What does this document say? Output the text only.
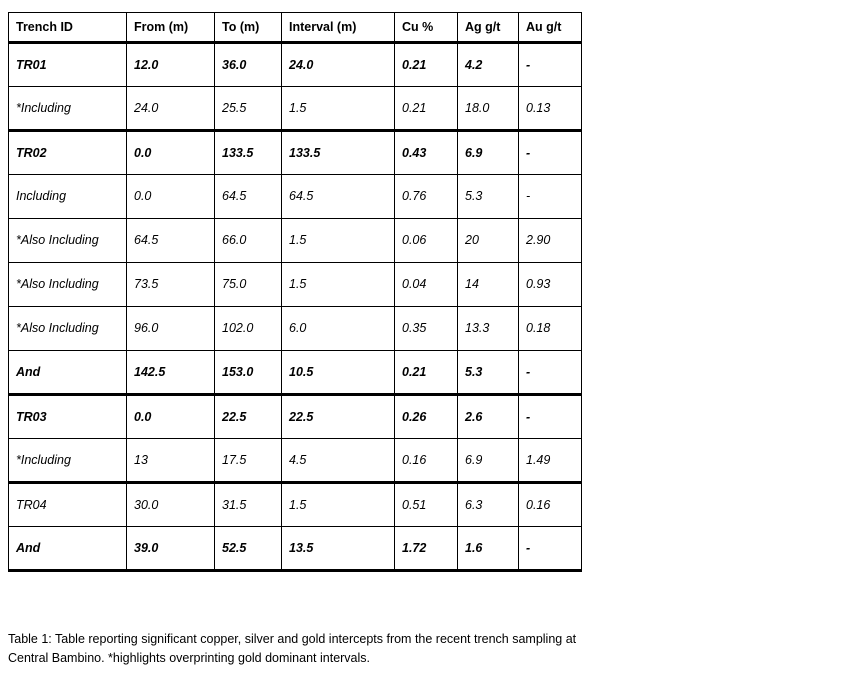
Trench ID	From (m)	To (m)	Interval (m)	Cu %	Ag g/t	Au g/t
TR01	12.0	36.0	24.0	0.21	4.2	-
*Including	24.0	25.5	1.5	0.21	18.0	0.13
TR02	0.0	133.5	133.5	0.43	6.9	-
Including	0.0	64.5	64.5	0.76	5.3	-
*Also Including	64.5	66.0	1.5	0.06	20	2.90
*Also Including	73.5	75.0	1.5	0.04	14	0.93
*Also Including	96.0	102.0	6.0	0.35	13.3	0.18
And	142.5	153.0	10.5	0.21	5.3	-
TR03	0.0	22.5	22.5	0.26	2.6	-
*Including	13	17.5	4.5	0.16	6.9	1.49
TR04	30.0	31.5	1.5	0.51	6.3	0.16
And	39.0	52.5	13.5	1.72	1.6	-
Table 1: Table reporting significant copper, silver and gold intercepts from the recent trench sampling at
Central Bambino. *highlights overprinting gold dominant intervals.
